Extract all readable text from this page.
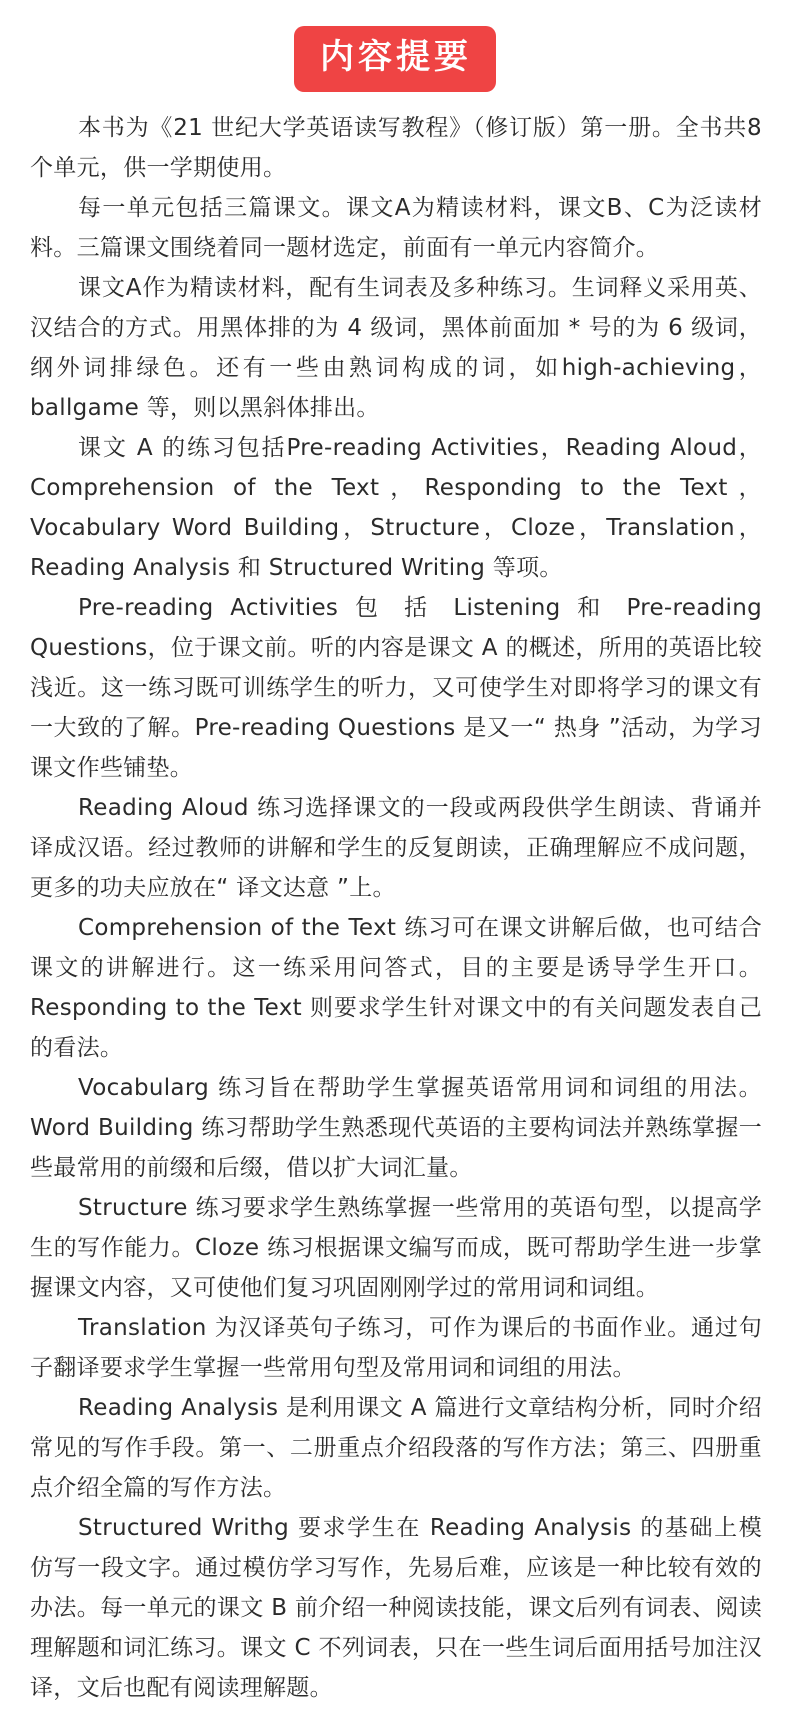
内容提要

本书为《21 世纪大学英语读写教程》（修订版）第一册。全书共8个单元，供一学期使用。

每一单元包括三篇课文。课文A为精读材料，课文B、C为泛读材料。三篇课文围绕着同一题材选定，前面有一单元内容简介。

课文A作为精读材料，配有生词表及多种练习。生词释义采用英、汉结合的方式。用黑体排的为 4 级词，黑体前面加 * 号的为 6 级词，纲外词排绿色。还有一些由熟词构成的词，如high-achieving，ballgame 等，则以黑斜体排出。

课文 A 的练习包括Pre-reading Activities，Reading Aloud，Comprehension of the Text，Responding to the Text，Vocabulary Word Building，Structure，Cloze，Translation，Reading Analysis 和 Structured Writing 等项。

Pre-reading Activities 包 括 Listening 和 Pre-reading Questions，位于课文前。听的内容是课文 A 的概述，所用的英语比较浅近。这一练习既可训练学生的听力，又可使学生对即将学习的课文有一大致的了解。Pre-reading Questions 是又一“ 热身 ”活动，为学习课文作些铺垫。

Reading Aloud 练习选择课文的一段或两段供学生朗读、背诵并译成汉语。经过教师的讲解和学生的反复朗读，正确理解应不成问题，更多的功夫应放在“ 译文达意 ”上。

Comprehension of the Text 练习可在课文讲解后做，也可结合课文的讲解进行。这一练采用问答式，目的主要是诱导学生开口。Responding to the Text 则要求学生针对课文中的有关问题发表自己的看法。

Vocabularg 练习旨在帮助学生掌握英语常用词和词组的用法。Word Building 练习帮助学生熟悉现代英语的主要构词法并熟练掌握一些最常用的前缀和后缀，借以扩大词汇量。

Structure 练习要求学生熟练掌握一些常用的英语句型，以提高学生的写作能力。Cloze 练习根据课文编写而成，既可帮助学生进一步掌握课文内容，又可使他们复习巩固刚刚学过的常用词和词组。

Translation 为汉译英句子练习，可作为课后的书面作业。通过句子翻译要求学生掌握一些常用句型及常用词和词组的用法。

Reading Analysis 是利用课文 A 篇进行文章结构分析，同时介绍常见的写作手段。第一、二册重点介绍段落的写作方法；第三、四册重点介绍全篇的写作方法。

Structured Writhg 要求学生在 Reading Analysis 的基础上模仿写一段文字。通过模仿学习写作，先易后难，应该是一种比较有效的办法。每一单元的课文 B 前介绍一种阅读技能，课文后列有词表、阅读理解题和词汇练习。课文 C 不列词表，只在一些生词后面用括号加注汉译，文后也配有阅读理解题。
